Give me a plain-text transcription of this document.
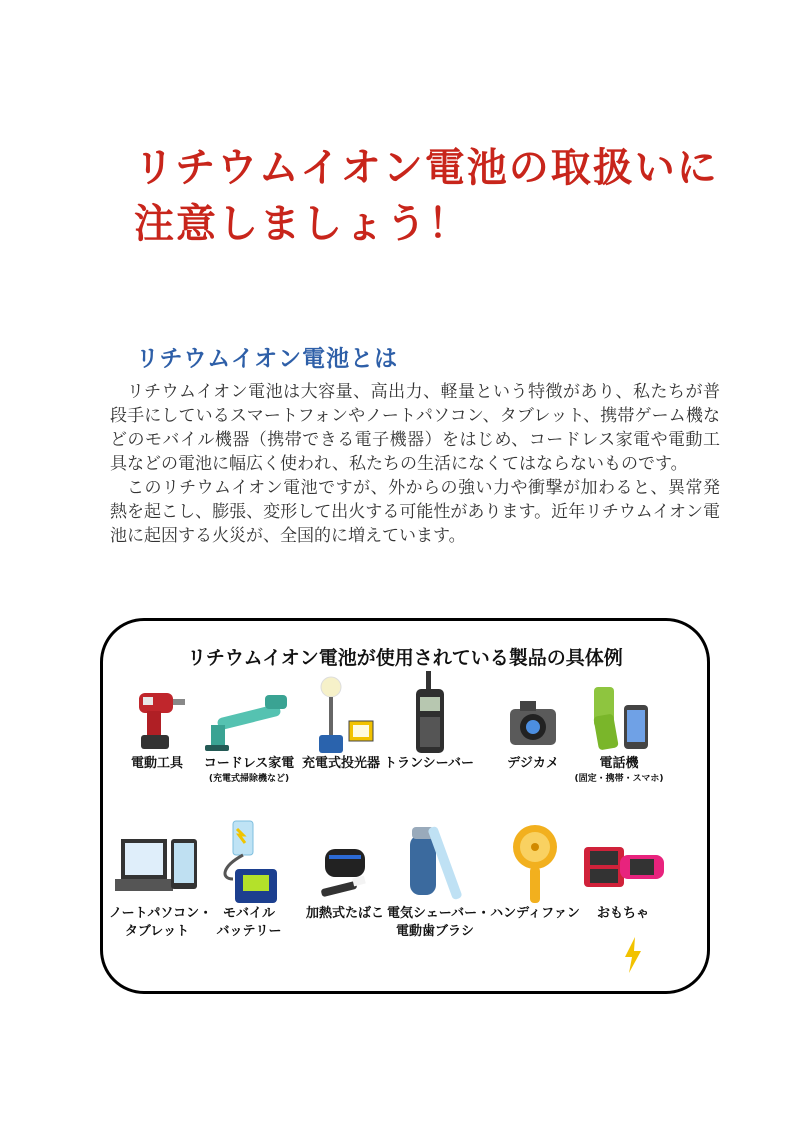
リチウムイオン電池の取扱いに
注意しましょう！
リチウムイオン電池とは

リチウムイオン電池は大容量、高出力、軽量という特徴があり、私たちが普段手にしているスマートフォンやノートパソコン、タブレット、携帯ゲーム機などのモバイル機器（携帯できる電子機器）をはじめ、コードレス家電や電動工具などの電池に幅広く使われ、私たちの生活になくてはならないものです。

このリチウムイオン電池ですが、外からの強い力や衝撃が加わると、異常発熱を起こし、膨張、変形して出火する可能性があります。近年リチウムイオン電池に起因する火災が、全国的に増えています。

リチウムイオン電池が使用されている製品の具体例
電動工具	コードレス家電
(充電式掃除機など)
充電式投光器 トランシーバー	デジカメ	電話機
(固定・携帯・スマホ)
ノートパソコン・
タブレット
モバイル
バッテリー
加熱式たばこ 電気シェーバー・
電動歯ブラシ
ハンディファン	おもちゃ
